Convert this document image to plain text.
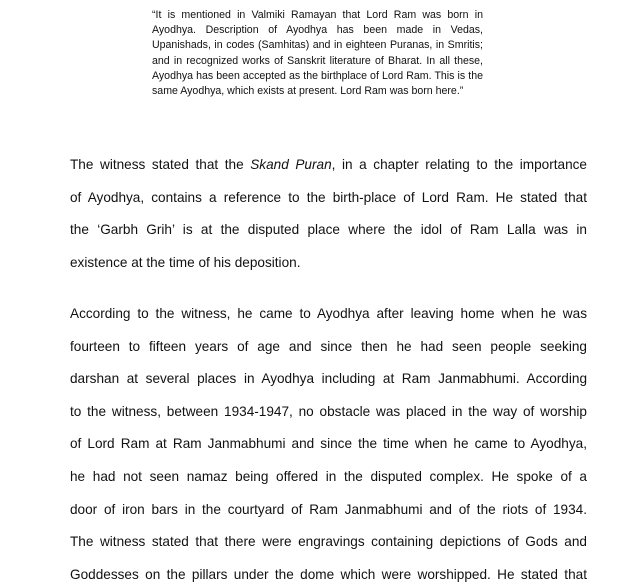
“It is mentioned in Valmiki Ramayan that Lord Ram was born in Ayodhya. Description of Ayodhya has been made in Vedas, Upanishads, in codes (Samhitas) and in eighteen Puranas, in Smritis; and in recognized works of Sanskrit literature of Bharat. In all these, Ayodhya has been accepted as the birthplace of Lord Ram. This is the same Ayodhya, which exists at present. Lord Ram was born here.”

The witness stated that the Skand Puran, in a chapter relating to the importance
of Ayodhya, contains a reference to the birth-place of Lord Ram. He stated that
the ‘Garbh Grih’ is at the disputed place where the idol of Ram Lalla was in
existence at the time of his deposition.
According to the witness, he came to Ayodhya after leaving home when he was
fourteen to fifteen years of age and since then he had seen people seeking
darshan at several places in Ayodhya including at Ram Janmabhumi. According
to the witness, between 1934-1947, no obstacle was placed in the way of worship
of Lord Ram at Ram Janmabhumi and since the time when he came to Ayodhya,
he had not seen namaz being offered in the disputed complex. He spoke of a
door of iron bars in the courtyard of Ram Janmabhumi and of the riots of 1934.
The witness stated that there were engravings containing depictions of Gods and
Goddesses on the pillars under the dome which were worshipped. He stated that
